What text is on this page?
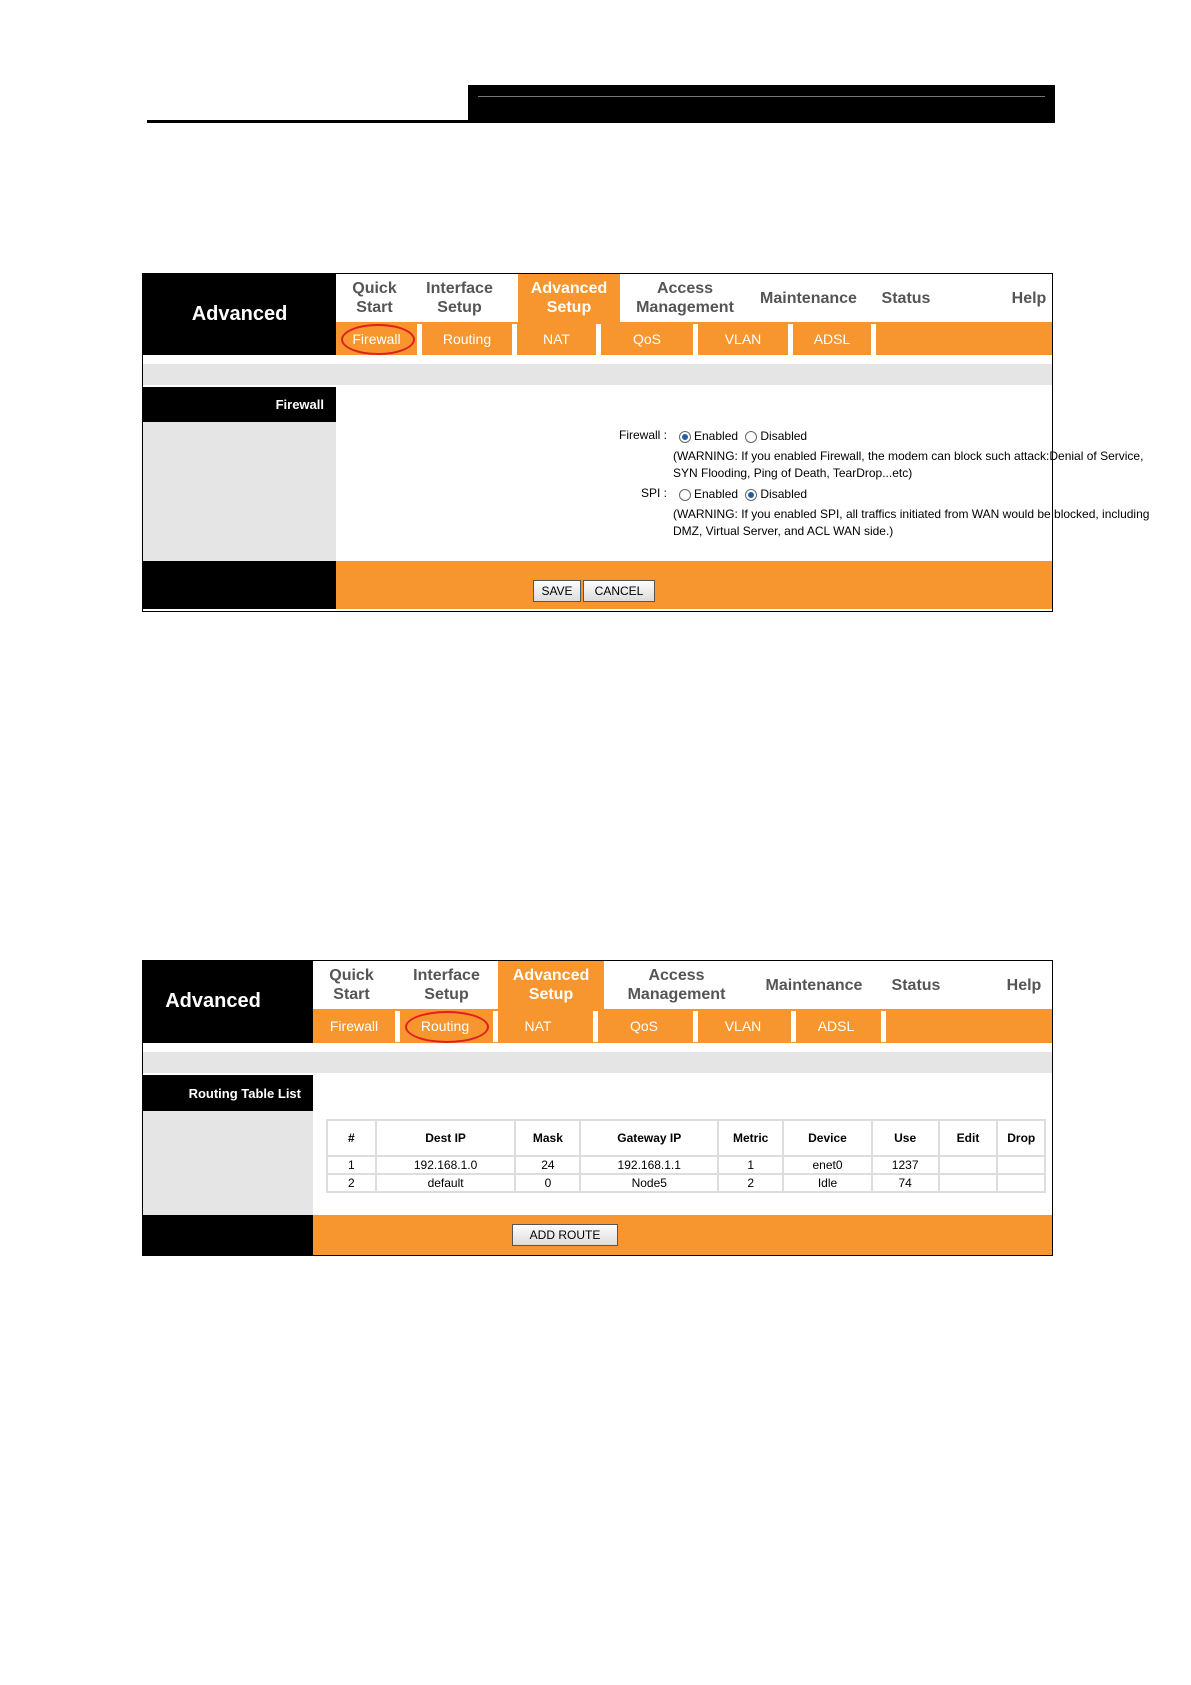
Advanced
Quick
Start
Interface
Setup
Advanced
Setup
Access
Management
Maintenance Status	Help
Firewall	Routing	NAT	QoS	VLAN	ADSL
Firewall
Firewall :	Enabled Disabled
(WARNING: If you enabled Firewall, the modem can block such attack:Denial of Service,
SYN Flooding, Ping of Death, TearDrop...etc)
SPI :	Enabled Disabled
(WARNING: If you enabled SPI, all traffics initiated from WAN would be blocked, including
DMZ, Virtual Server, and ACL WAN side.)
SAVE	CANCEL
Advanced
Quick
Start
Interface
Setup
Advanced
Setup
Access
Management
Maintenance Status	Help
Firewall	Routing	NAT	QoS	VLAN	ADSL
Routing Table List
#	Dest IP	Mask	Gateway IP	Metric	Device	Use	Edit	Drop
1	192.168.1.0	24	192.168.1.1	1	enet0	1237		
2	default	0	Node5	2	Idle	74		
ADD ROUTE
